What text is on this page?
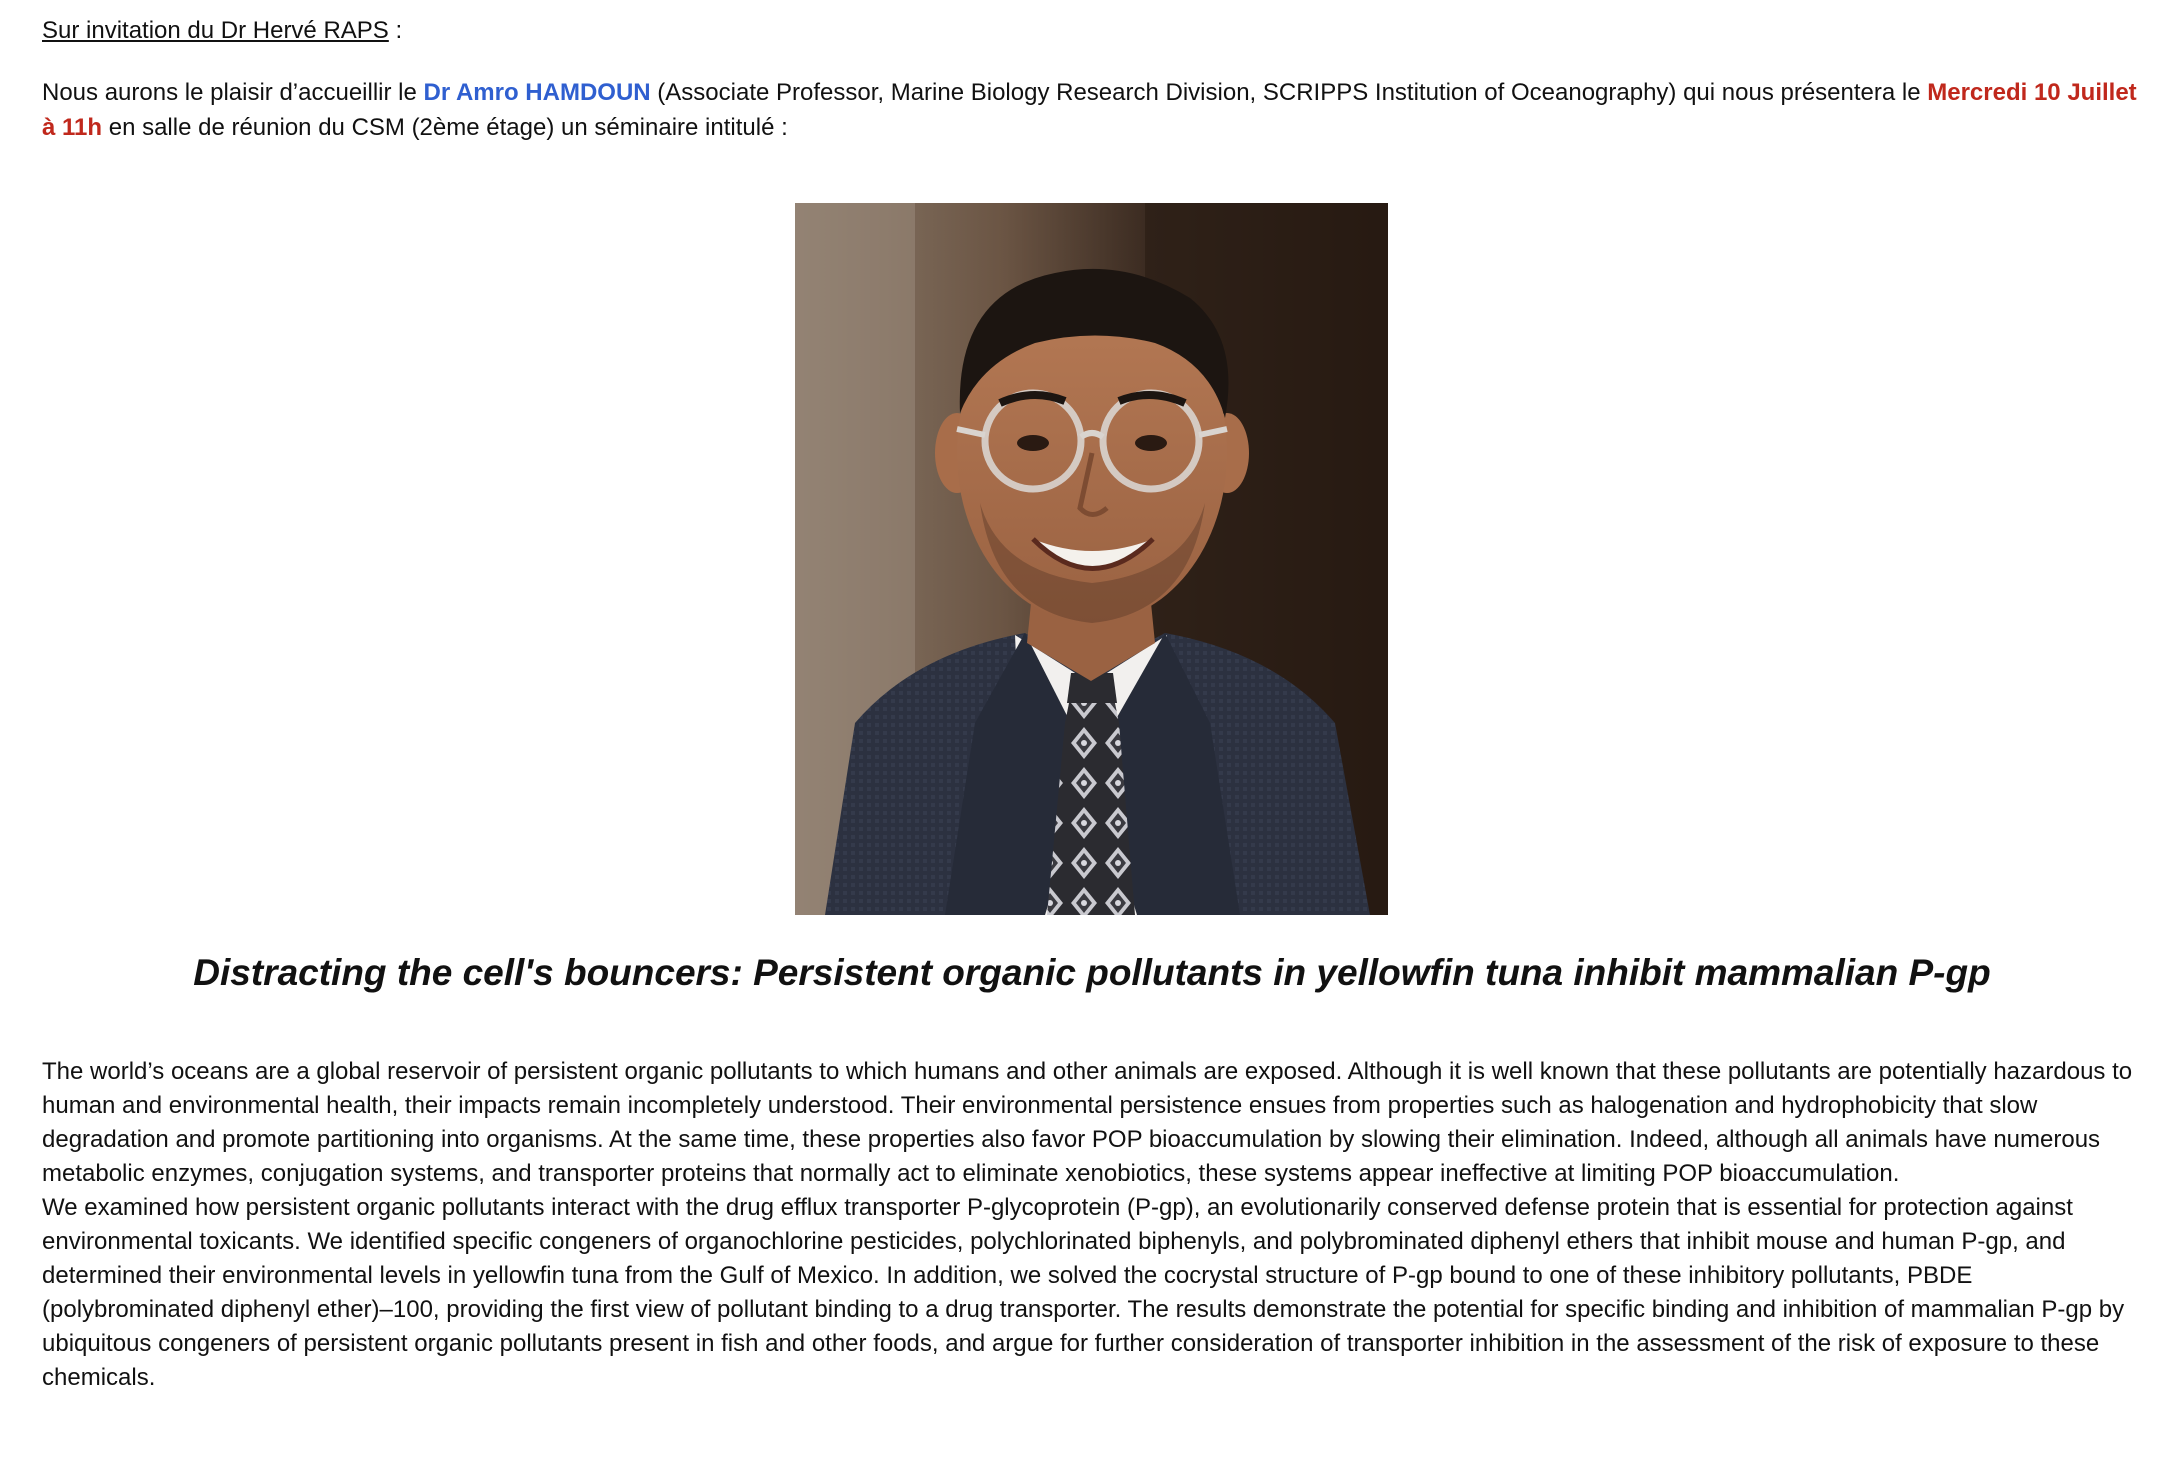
Sur invitation du Dr Hervé RAPS :
Nous aurons le plaisir d’accueillir le Dr Amro HAMDOUN (Associate Professor, Marine Biology Research Division, SCRIPPS Institution of Oceanography) qui nous présentera le Mercredi 10 Juillet à 11h en salle de réunion du CSM (2ème étage) un séminaire intitulé :
Distracting the cell's bouncers: Persistent organic pollutants in yellowfin tuna inhibit mammalian P-gp

The world’s oceans are a global reservoir of persistent organic pollutants to which humans and other animals are exposed. Although it is well known that these pollutants are potentially hazardous to human and environmental health, their impacts remain incompletely understood. Their environmental persistence ensues from properties such as halogenation and hydrophobicity that slow degradation and promote partitioning into organisms. At the same time, these properties also favor POP bioaccumulation by slowing their elimination. Indeed, although all animals have numerous metabolic enzymes, conjugation systems, and transporter proteins that normally act to eliminate xenobiotics, these systems appear ineffective at limiting POP bioaccumulation.

We examined how persistent organic pollutants interact with the drug efflux transporter P-glycoprotein (P-gp), an evolutionarily conserved defense protein that is essential for protection against environmental toxicants. We identified specific congeners of organochlorine pesticides, polychlorinated biphenyls, and polybrominated diphenyl ethers that inhibit mouse and human P-gp, and determined their environmental levels in yellowfin tuna from the Gulf of Mexico. In addition, we solved the cocrystal structure of P-gp bound to one of these inhibitory pollutants, PBDE (polybrominated diphenyl ether)–100, providing the first view of pollutant binding to a drug transporter. The results demonstrate the potential for specific binding and inhibition of mammalian P-gp by ubiquitous congeners of persistent organic pollutants present in fish and other foods, and argue for further consideration of transporter inhibition in the assessment of the risk of exposure to these chemicals.
